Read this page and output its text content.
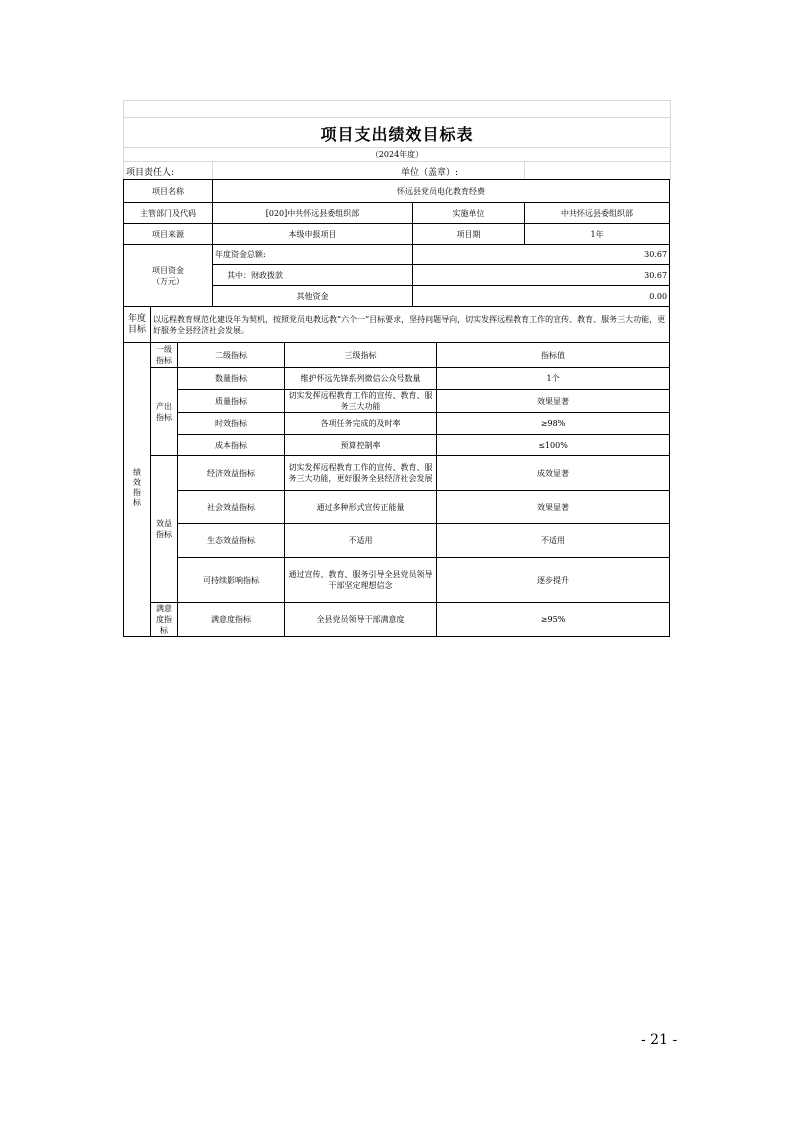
项目支出绩效目标表
（2024年度）
项目责任人:	单位（盖章）:
项目名称			怀远县党员电化教育经费				
主管部门及代码			[020]中共怀远县委组织部		实施单位		中共怀远县委组织部
项目来源			本级申报项目		项目期		1年
项目资金（万元）			年度资金总额:		30.67		
			其中：财政拨款		30.67		
			其他资金		0.00		
年度目标	以远程教育规范化建设年为契机，按照党员电教远教“六个一”目标要求，坚持问题导向，切实发挥远程教育工作的宣传、教育、服务三大功能，更好服务全县经济社会发展。						
绩效指标	一级指标	二级指标		三级指标		指标值	
	产出指标	数量指标		维护怀远先锋系列微信公众号数量		1个	
		质量指标		切实发挥远程教育工作的宣传、教育、服务三大功能		效果显著	
		时效指标		各项任务完成的及时率		≥98%	
		成本指标		预算控制率		≤100%	
	效益指标	经济效益指标		切实发挥远程教育工作的宣传、教育、服务三大功能，更好服务全县经济社会发展		成效显著	
		社会效益指标		通过多种形式宣传正能量		效果显著	
		生态效益指标		不适用		不适用	
		可持续影响指标		通过宣传、教育、服务引导全县党员领导干部坚定理想信念		逐步提升	
	满意度指标	满意度指标		全县党员领导干部满意度		≥95%	
- 21 -
